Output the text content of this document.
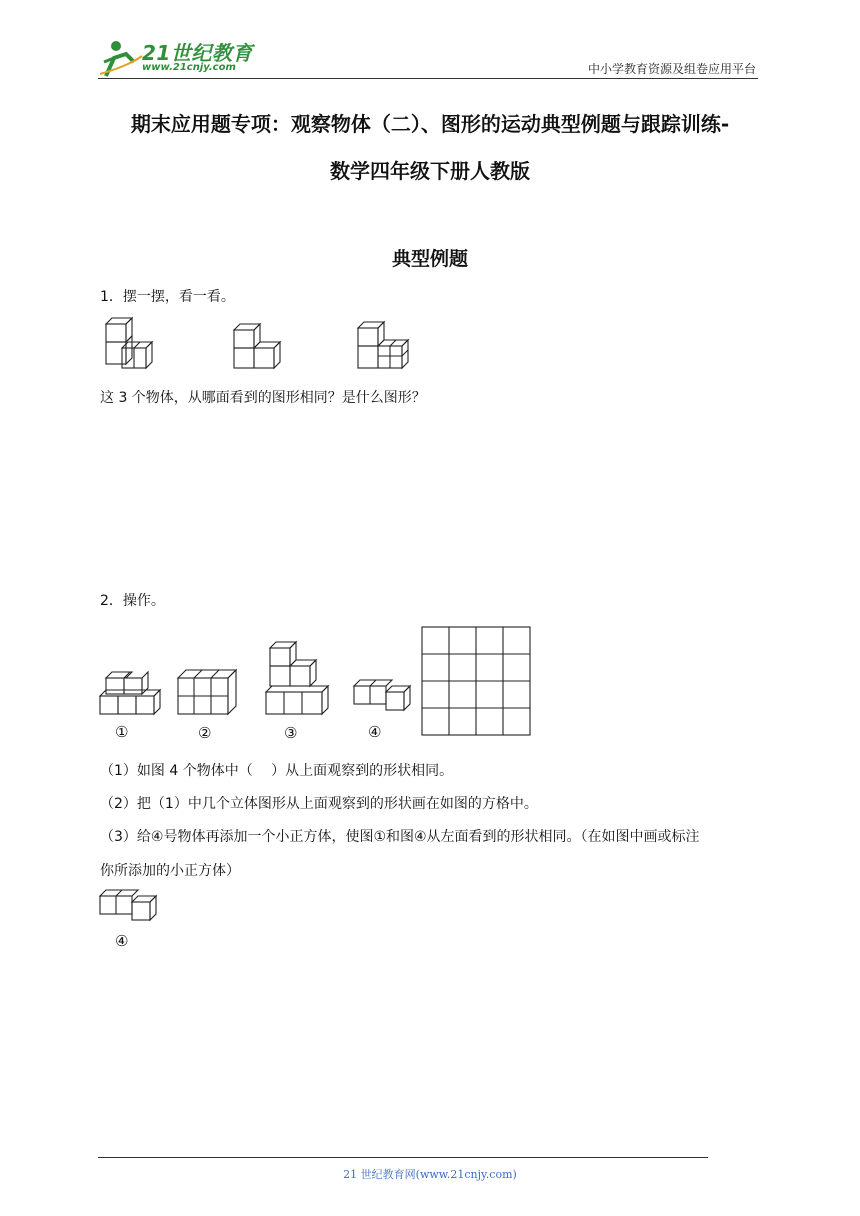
21世纪教育
www.21cnjy.com	中小学教育资源及组卷应用平台
期末应用题专项：观察物体（二）、图形的运动典型例题与跟踪训练-
数学四年级下册人教版
典型例题
1．摆一摆，看一看。
这 3 个物体，从哪面看到的图形相同？是什么图形？
2．操作。
①	②	③	④
（1）如图 4 个物体中（　 ）从上面观察到的形状相同。
（2）把（1）中几个立体图形从上面观察到的形状画在如图的方格中。
（3）给④号物体再添加一个小正方体，使图①和图④从左面看到的形状相同。（在如图中画或标注
你所添加的小正方体）
④
21 世纪教育网(www.21cnjy.com)
